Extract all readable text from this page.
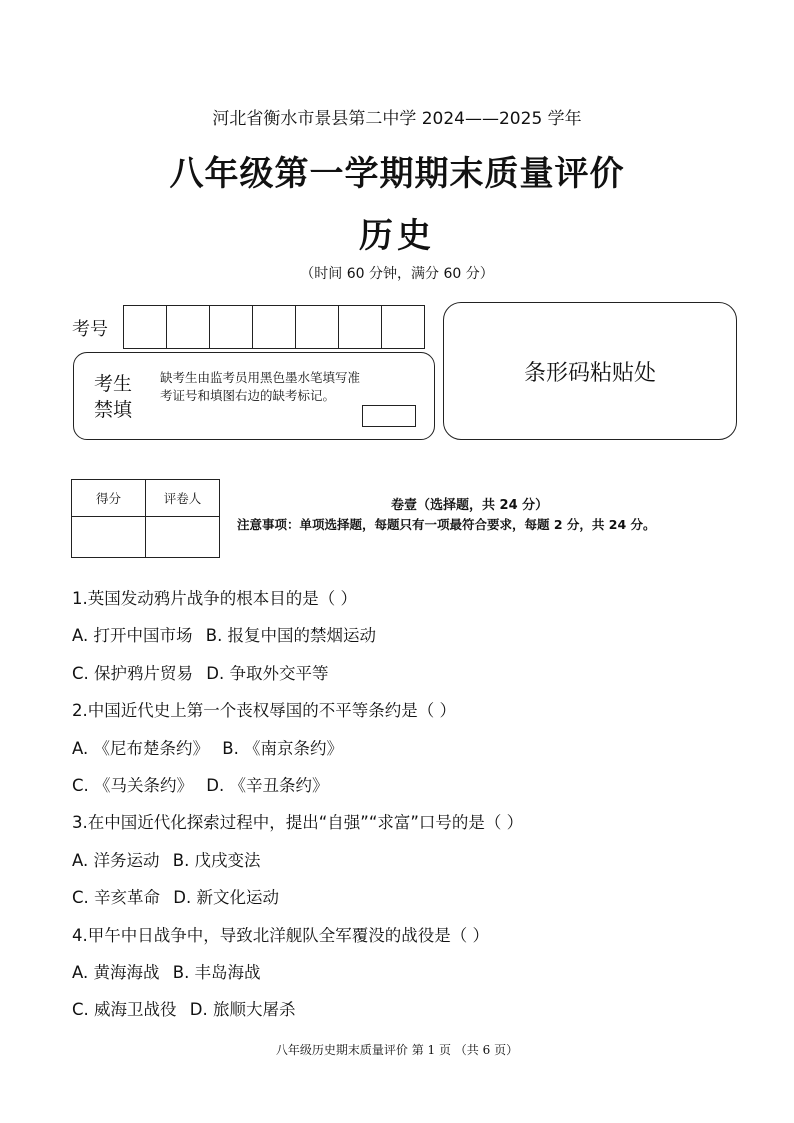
河北省衡水市景县第二中学 2024——2025 学年
八年级第一学期期末质量评价
历史
（时间 60 分钟，满分 60 分）
考号
考生
禁填
缺考生由监考员用黑色墨水笔填写准考证号和填图右边的缺考标记。
条形码粘贴处
得分	评卷人
		卷壹（选择题，共 24 分）
注意事项：单项选择题，每题只有一项最符合要求，每题 2 分，共 24 分。
1.英国发动鸦片战争的根本目的是（ ）
A. 打开中国市场 B. 报复中国的禁烟运动
C. 保护鸦片贸易 D. 争取外交平等
2.中国近代史上第一个丧权辱国的不平等条约是（ ）
A. 《尼布楚条约》 B. 《南京条约》
C. 《马关条约》 D. 《辛丑条约》
3.在中国近代化探索过程中，提出“自强”“求富”口号的是（ ）
A. 洋务运动 B. 戊戌变法
C. 辛亥革命 D. 新文化运动
4.甲午中日战争中，导致北洋舰队全军覆没的战役是（ ）
A. 黄海海战 B. 丰岛海战
C. 威海卫战役 D. 旅顺大屠杀
八年级历史期末质量评价 第 1 页 （共 6 页）
